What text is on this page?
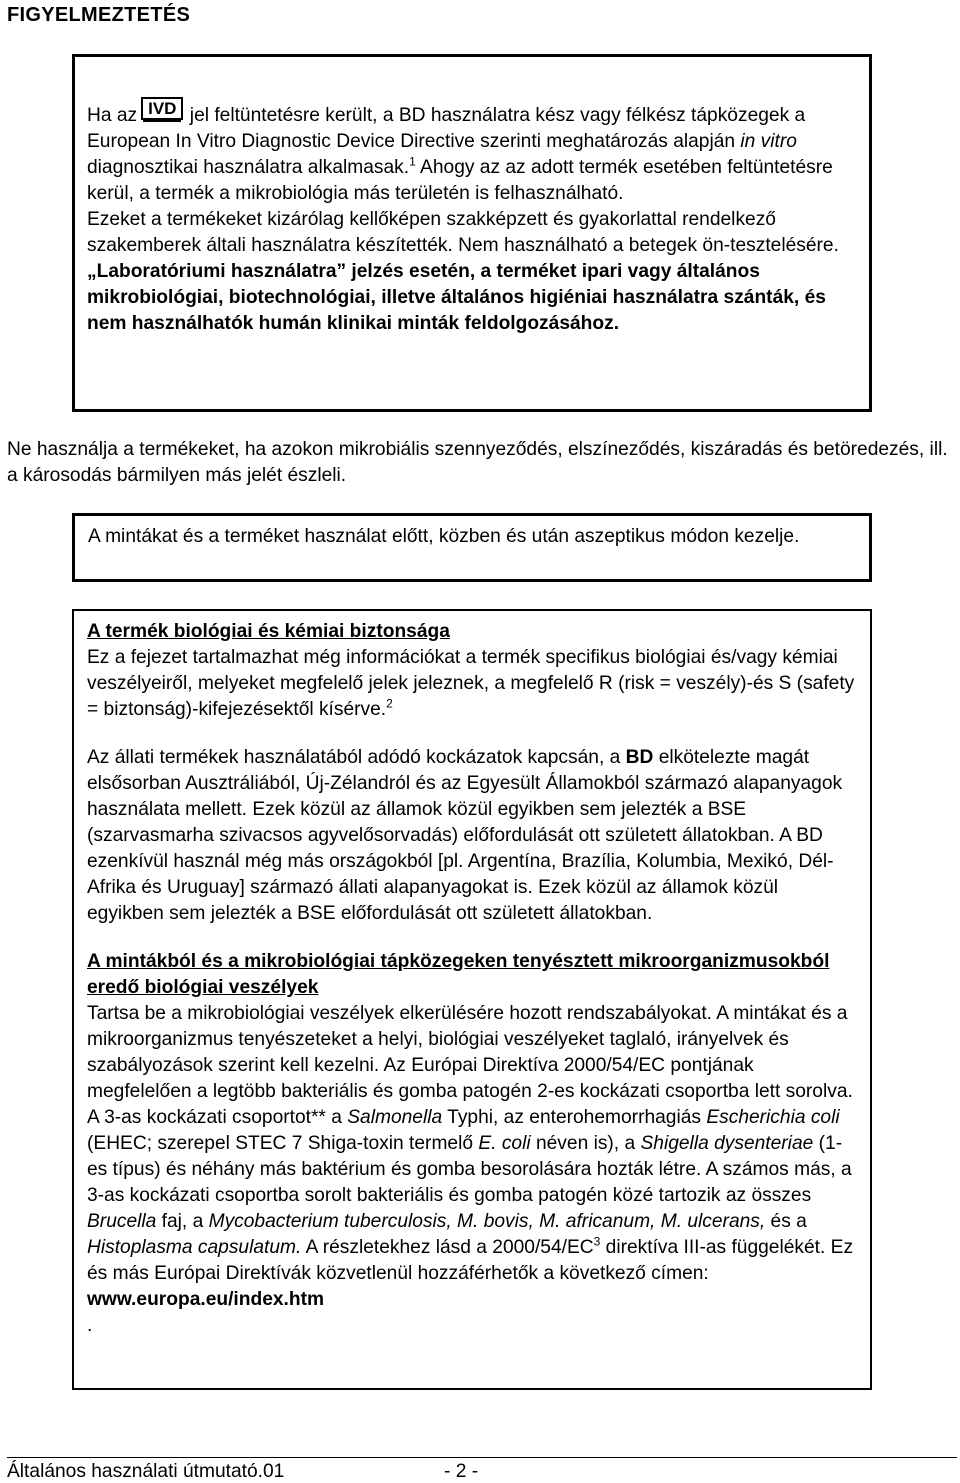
FIGYELMEZTETÉS

Ha az IVD jel feltüntetésre került, a BD használatra kész vagy félkész tápközegek a European In Vitro Diagnostic Device Directive szerinti meghatározás alapján in vitro diagnosztikai használatra alkalmasak.$^1$ Ahogy az az adott termék esetében feltüntetésre kerül, a termék a mikrobiológia más területén is felhasználható.

Ezeket a termékeket kizárólag kellőképen szakképzett és gyakorlattal rendelkező szakemberek általi használatra készítették. Nem használható a betegek ön-tesztelésére.

„Laboratóriumi használatra” jelzés esetén, a terméket ipari vagy általános mikrobiológiai, biotechnológiai, illetve általános higiéniai használatra szánták, és nem használhatók humán klinikai minták feldolgozásához.

Ne használja a termékeket, ha azokon mikrobiális szennyeződés, elszíneződés, kiszáradás és betöredezés, ill. a károsodás bármilyen más jelét észleli.

A mintákat és a terméket használat előtt, közben és után aszeptikus módon kezelje.

A termék biológiai és kémiai biztonsága

Ez a fejezet tartalmazhat még információkat a termék specifikus biológiai és/vagy kémiai veszélyeiről, melyeket megfelelő jelek jeleznek, a megfelelő R (risk = veszély)-és S (safety = biztonság)-kifejezésektől kísérve.$^2$

Az állati termékek használatából adódó kockázatok kapcsán, a BD elkötelezte magát elsősorban Ausztráliából, Új-Zélandról és az Egyesült Államokból származó alapanyagok használata mellett. Ezek közül az államok közül egyikben sem jelezték a BSE (szarvasmarha szivacsos agyvelősorvadás) előfordulását ott született állatokban. A BD ezenkívül használ még más országokból [pl. Argentína, Brazília, Kolumbia, Mexikó, Dél-Afrika és Uruguay] származó állati alapanyagokat is. Ezek közül az államok közül egyikben sem jelezték a BSE előfordulását ott született állatokban.

A mintákból és a mikrobiológiai tápközegeken tenyésztett mikroorganizmusokból eredő biológiai veszélyek

Tartsa be a mikrobiológiai veszélyek elkerülésére hozott rendszabályokat. A mintákat és a mikroorganizmus tenyészeteket a helyi, biológiai veszélyeket taglaló, irányelvek és szabályozások szerint kell kezelni. Az Európai Direktíva 2000/54/EC pontjának megfelelően a legtöbb bakteriális és gomba patogén 2-es kockázati csoportba lett sorolva. A 3-as kockázati csoportot** a Salmonella Typhi, az enterohemorrhagiás Escherichia coli (EHEC; szerepel STEC 7 Shiga-toxin termelő E. coli néven is), a Shigella dysenteriae (1-es típus) és néhány más baktérium és gomba besorolására hozták létre. A számos más, a 3-as kockázati csoportba sorolt bakteriális és gomba patogén közé tartozik az összes Brucella faj, a Mycobacterium tuberculosis, M. bovis, M. africanum, M. ulcerans, és a Histoplasma capsulatum. A részletekhez lásd a $2000/54/EC^3$ direktíva III-as függelékét. Ez és más Európai Direktívák közvetlenül hozzáférhetők a következő címen: www.europa.eu/index.htm

.

Általános használati útmutató.01	- 2 -
